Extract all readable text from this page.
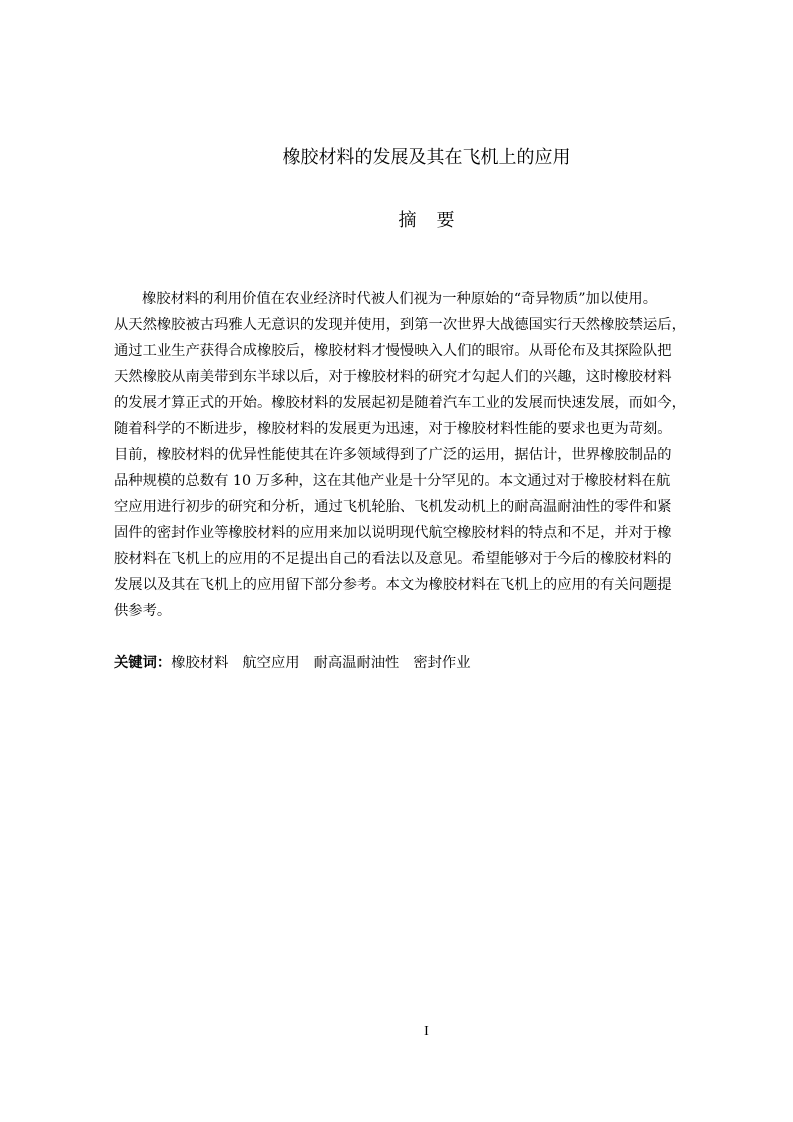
橡胶材料的发展及其在飞机上的应用
摘要
橡胶材料的利用价值在农业经济时代被人们视为一种原始的“奇异物质”加以使用。
从天然橡胶被古玛雅人无意识的发现并使用，到第一次世界大战德国实行天然橡胶禁运后，
通过工业生产获得合成橡胶后，橡胶材料才慢慢映入人们的眼帘。从哥伦布及其探险队把
天然橡胶从南美带到东半球以后，对于橡胶材料的研究才勾起人们的兴趣，这时橡胶材料
的发展才算正式的开始。橡胶材料的发展起初是随着汽车工业的发展而快速发展，而如今，
随着科学的不断进步，橡胶材料的发展更为迅速，对于橡胶材料性能的要求也更为苛刻。
目前，橡胶材料的优异性能使其在许多领域得到了广泛的运用，据估计，世界橡胶制品的
品种规模的总数有 10 万多种，这在其他产业是十分罕见的。本文通过对于橡胶材料在航
空应用进行初步的研究和分析，通过飞机轮胎、飞机发动机上的耐高温耐油性的零件和紧
固件的密封作业等橡胶材料的应用来加以说明现代航空橡胶材料的特点和不足，并对于橡
胶材料在飞机上的应用的不足提出自己的看法以及意见。希望能够对于今后的橡胶材料的
发展以及其在飞机上的应用留下部分参考。本文为橡胶材料在飞机上的应用的有关问题提
供参考。
关键词：橡胶材料 航空应用 耐高温耐油性 密封作业
I
